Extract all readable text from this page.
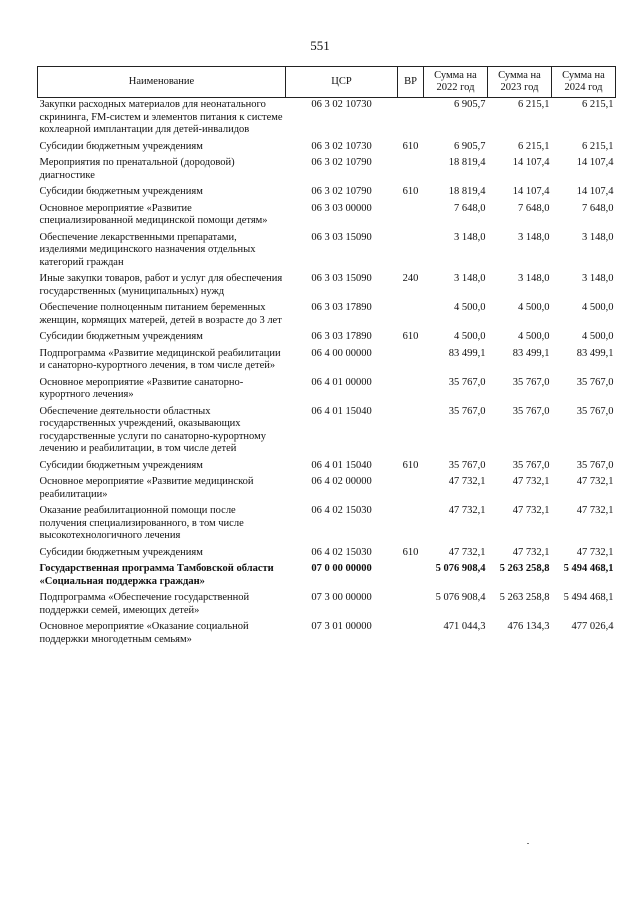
551
Наименование	ЦСР	ВР	Сумма на 2022 год	Сумма на 2023 год	Сумма на 2024 год
Закупки расходных материалов для неонатального скрининга, FM-систем и элементов питания к системе кохлеарной имплантации для детей-инвалидов	06 3 02 10730		6 905,7	6 215,1	6 215,1
Субсидии бюджетным учреждениям	06 3 02 10730	610	6 905,7	6 215,1	6 215,1
Мероприятия по пренатальной (дородовой) диагностике	06 3 02 10790		18 819,4	14 107,4	14 107,4
Субсидии бюджетным учреждениям	06 3 02 10790	610	18 819,4	14 107,4	14 107,4
Основное мероприятие «Развитие специализированной медицинской помощи детям»	06 3 03 00000		7 648,0	7 648,0	7 648,0
Обеспечение лекарственными препаратами, изделиями медицинского назначения отдельных категорий граждан	06 3 03 15090		3 148,0	3 148,0	3 148,0
Иные закупки товаров, работ и услуг для обеспечения государственных (муниципальных) нужд	06 3 03 15090	240	3 148,0	3 148,0	3 148,0
Обеспечение полноценным питанием беременных женщин, кормящих матерей, детей в возрасте до 3 лет	06 3 03 17890		4 500,0	4 500,0	4 500,0
Субсидии бюджетным учреждениям	06 3 03 17890	610	4 500,0	4 500,0	4 500,0
Подпрограмма «Развитие медицинской реабилитации и санаторно-курортного лечения, в том числе детей»	06 4 00 00000		83 499,1	83 499,1	83 499,1
Основное мероприятие «Развитие санаторно-курортного лечения»	06 4 01 00000		35 767,0	35 767,0	35 767,0
Обеспечение деятельности областных государственных учреждений, оказывающих государственные услуги по санаторно-курортному лечению и реабилитации, в том числе детей	06 4 01 15040		35 767,0	35 767,0	35 767,0
Субсидии бюджетным учреждениям	06 4 01 15040	610	35 767,0	35 767,0	35 767,0
Основное мероприятие «Развитие медицинской реабилитации»	06 4 02 00000		47 732,1	47 732,1	47 732,1
Оказание реабилитационной помощи после получения специализированного, в том числе высокотехнологичного лечения	06 4 02 15030		47 732,1	47 732,1	47 732,1
Субсидии бюджетным учреждениям	06 4 02 15030	610	47 732,1	47 732,1	47 732,1
Государственная программа Тамбовской области «Социальная поддержка граждан»	07 0 00 00000		5 076 908,4	5 263 258,8	5 494 468,1
Подпрограмма «Обеспечение государственной поддержки семей, имеющих детей»	07 3 00 00000		5 076 908,4	5 263 258,8	5 494 468,1
Основное мероприятие «Оказание социальной поддержки многодетным семьям»	07 3 01 00000		471 044,3	476 134,3	477 026,4
